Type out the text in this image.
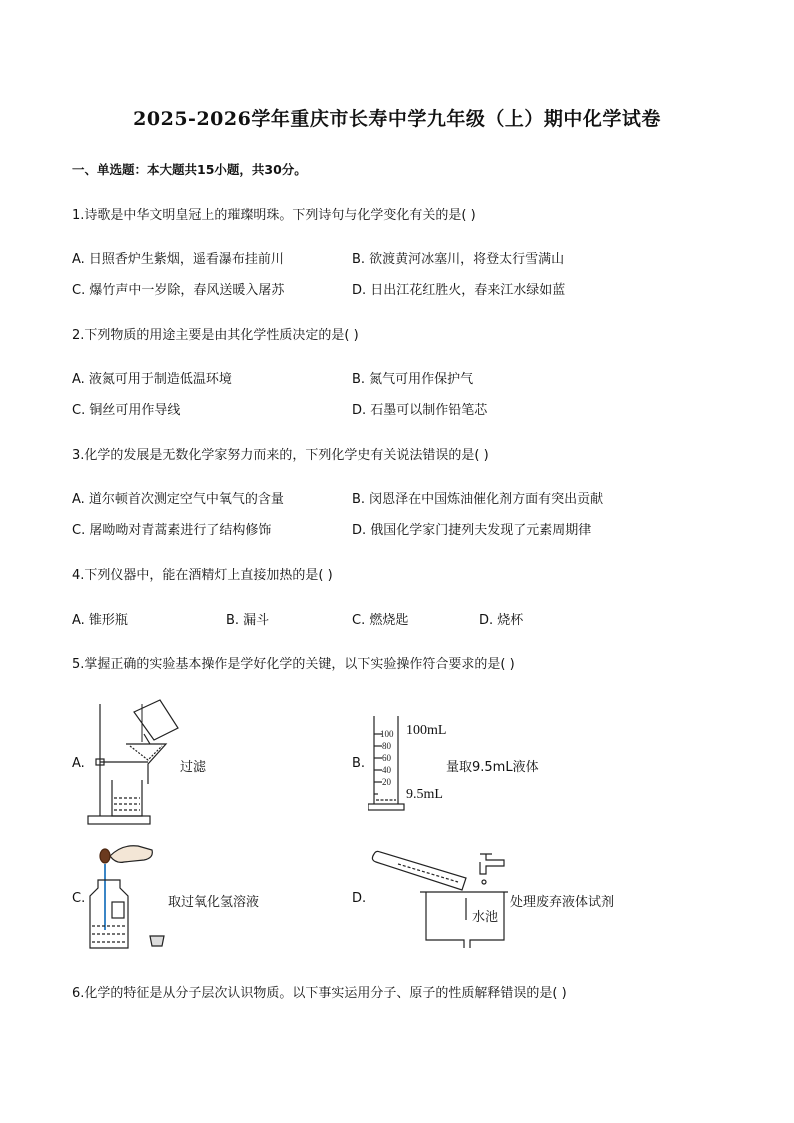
2025-2026学年重庆市长寿中学九年级（上）期中化学试卷
一、单选题：本大题共15小题，共30分。
1.诗歌是中华文明皇冠上的璀璨明珠。下列诗句与化学变化有关的是( )
A. 日照香炉生紫烟，遥看瀑布挂前川	B. 欲渡黄河冰塞川，将登太行雪满山
C. 爆竹声中一岁除，春风送暖入屠苏	D. 日出江花红胜火，春来江水绿如蓝
2.下列物质的用途主要是由其化学性质决定的是( )
A. 液氮可用于制造低温环境	B. 氮气可用作保护气
C. 铜丝可用作导线	D. 石墨可以制作铅笔芯
3.化学的发展是无数化学家努力而来的，下列化学史有关说法错误的是( )
A. 道尔顿首次测定空气中氧气的含量	B. 闵恩泽在中国炼油催化剂方面有突出贡献
C. 屠呦呦对青蒿素进行了结构修饰	D. 俄国化学家门捷列夫发现了元素周期律
4.下列仪器中，能在酒精灯上直接加热的是( )
A. 锥形瓶	B. 漏斗	C. 燃烧匙	D. 烧杯
5.掌握正确的实验基本操作是学好化学的关键，以下实验操作符合要求的是( )
A.	过滤	B.
100
80
60
40
20
100mL
量取9.5mL液体
9.5mL
C.	取过氧化氢溶液	D.
水池
处理废弃液体试剂
6.化学的特征是从分子层次认识物质。以下事实运用分子、原子的性质解释错误的是( )
